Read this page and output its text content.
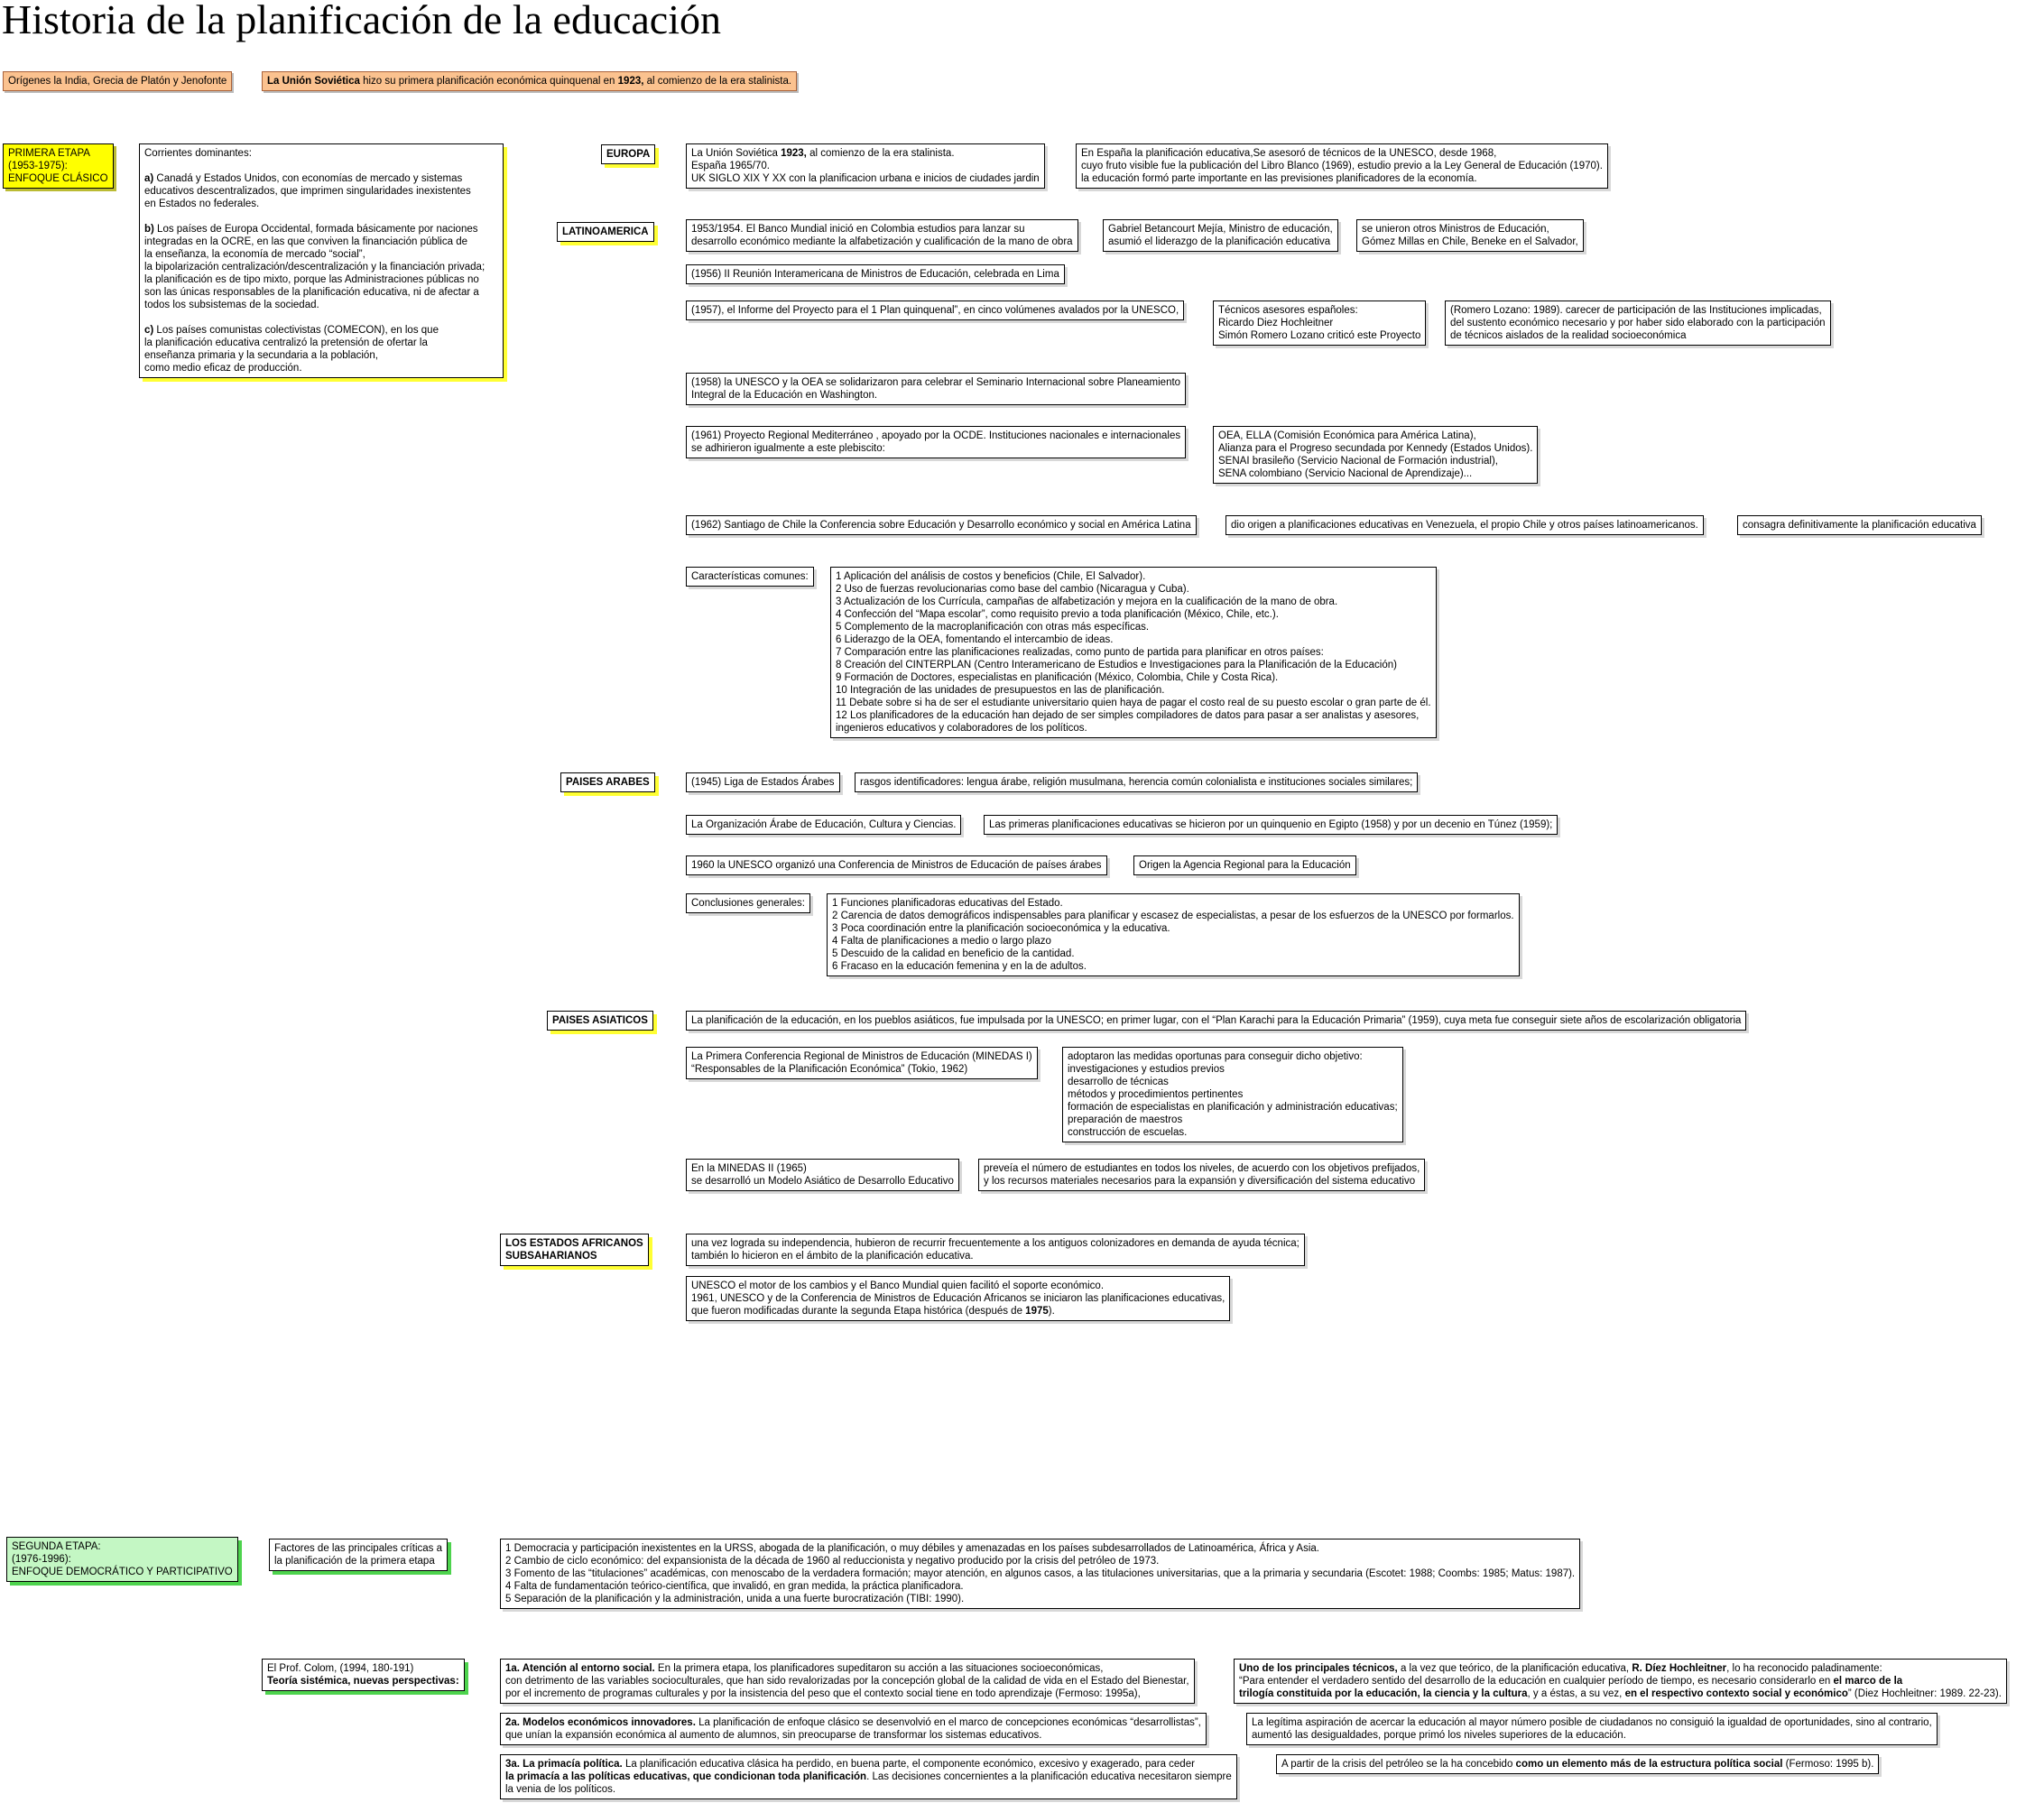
Historia de la planificación de la educación
Orígenes la India, Grecia de Platón y Jenofonte	La Unión Soviética hizo su primera planificación económica quinquenal en 1923, al comienzo de la era stalinista.
PRIMERA ETAPA
(1953-1975):
ENFOQUE CLÁSICO
Corrientes dominantes:
a) Canadá y Estados Unidos, con economías de mercado y sistemas
educativos descentralizados, que imprimen singularidades inexistentes
en Estados no federales.
b) Los países de Europa Occidental, formada básicamente por naciones
integradas en la OCRE, en las que conviven la financiación pública de
la enseñanza, la economía de mercado “social”,
la bipolarización centralización/descentralización y la financiación privada;
la planificación es de tipo mixto, porque las Administraciones públicas no
son las únicas responsables de la planificación educativa, ni de afectar a
todos los subsistemas de la sociedad.
c) Los países comunistas colectivistas (COMECON), en los que
la planificación educativa centralizó la pretensión de ofertar la
enseñanza primaria y la secundaria a la población,
como medio eficaz de producción.
EUROPA	La Unión Soviética 1923, al comienzo de la era stalinista.
España 1965/70.
UK SIGLO XIX Y XX con la planificacion urbana e inicios de ciudades jardin
En España la planificación educativa,Se asesoró de técnicos de la UNESCO, desde 1968,
cuyo fruto visible fue la publicación del Libro Blanco (1969), estudio previo a la Ley General de Educación (1970).
la educación formó parte importante en las previsiones planificadores de la economía.
LATINOAMERICA	1953/1954. El Banco Mundial inició en Colombia estudios para lanzar su
desarrollo económico mediante la alfabetización y cualificación de la mano de obra
Gabriel Betancourt Mejía, Ministro de educación,
asumió el liderazgo de la planificación educativa
se unieron otros Ministros de Educación,
Gómez Millas en Chile, Beneke en el Salvador,
(1956) II Reunión Interamericana de Ministros de Educación, celebrada en Lima
(1957), el Informe del Proyecto para el 1 Plan quinquenal”, en cinco volúmenes avalados por la UNESCO,	Técnicos asesores españoles:
Ricardo Diez Hochleitner
Simón Romero Lozano criticó este Proyecto
(Romero Lozano: 1989). carecer de participación de las Instituciones implicadas,
del sustento económico necesario y por haber sido elaborado con la participación
de técnicos aislados de la realidad socioeconómica
(1958) la UNESCO y la OEA se solidarizaron para celebrar el Seminario Internacional sobre Planeamiento
Integral de la Educación en Washington.
(1961) Proyecto Regional Mediterráneo , apoyado por la OCDE. Instituciones nacionales e internacionales
se adhirieron igualmente a este plebiscito:
OEA, ELLA (Comisión Económica para América Latina),
Alianza para el Progreso secundada por Kennedy (Estados Unidos).
SENAI brasileño (Servicio Nacional de Formación industrial),
SENA colombiano (Servicio Nacional de Aprendizaje)...
(1962) Santiago de Chile la Conferencia sobre Educación y Desarrollo económico y social en América Latina	dio origen a planificaciones educativas en Venezuela, el propio Chile y otros países latinoamericanos.	consagra definitivamente la planificación educativa
Características comunes:	1 Aplicación del análisis de costos y beneficios (Chile, El Salvador).
2 Uso de fuerzas revolucionarias como base del cambio (Nicaragua y Cuba).
3 Actualización de los Currícula, campañas de alfabetización y mejora en la cualificación de la mano de obra.
4 Confección del “Mapa escolar”, como requisito previo a toda planificación (México, Chile, etc.).
5 Complemento de la macroplanificación con otras más específicas.
6 Liderazgo de la OEA, fomentando el intercambio de ideas.
7 Comparación entre las planificaciones realizadas, como punto de partida para planificar en otros países:
8 Creación del CINTERPLAN (Centro Interamericano de Estudios e Investigaciones para la Planificación de la Educación)
9 Formación de Doctores, especialistas en planificación (México, Colombia, Chile y Costa Rica).
10 Integración de las unidades de presupuestos en las de planificación.
11 Debate sobre si ha de ser el estudiante universitario quien haya de pagar el costo real de su puesto escolar o gran parte de él.
12 Los planificadores de la educación han dejado de ser simples compiladores de datos para pasar a ser analistas y asesores,
ingenieros educativos y colaboradores de los políticos.
PAISES ARABES	(1945) Liga de Estados Árabes rasgos identificadores: lengua árabe, religión musulmana, herencia común colonialista e instituciones sociales similares;
La Organización Árabe de Educación, Cultura y Ciencias.	Las primeras planificaciones educativas se hicieron por un quinquenio en Egipto (1958) y por un decenio en Túnez (1959);
1960 la UNESCO organizó una Conferencia de Ministros de Educación de países árabes	Origen la Agencia Regional para la Educación
Conclusiones generales:	1 Funciones planificadoras educativas del Estado.
2 Carencia de datos demográficos indispensables para planificar y escasez de especialistas, a pesar de los esfuerzos de la UNESCO por formarlos.
3 Poca coordinación entre la planificación socioeconómica y la educativa.
4 Falta de planificaciones a medio o largo plazo
5 Descuido de la calidad en beneficio de la cantidad.
6 Fracaso en la educación femenina y en la de adultos.
PAISES ASIATICOS	La planificación de la educación, en los pueblos asiáticos, fue impulsada por la UNESCO; en primer lugar, con el “Plan Karachi para la Educación Primaria” (1959), cuya meta fue conseguir siete años de escolarización obligatoria
La Primera Conferencia Regional de Ministros de Educación (MINEDAS I)
“Responsables de la Planificación Económica” (Tokio, 1962)
adoptaron las medidas oportunas para conseguir dicho objetivo:
investigaciones y estudios previos
desarrollo de técnicas
métodos y procedimientos pertinentes
formación de especialistas en planificación y administración educativas;
preparación de maestros
construcción de escuelas.
En la MINEDAS II (1965)
se desarrolló un Modelo Asiático de Desarrollo Educativo
preveía el número de estudiantes en todos los niveles, de acuerdo con los objetivos prefijados,
y los recursos materiales necesarios para la expansión y diversificación del sistema educativo
LOS ESTADOS AFRICANOS
SUBSAHARIANOS
una vez lograda su independencia, hubieron de recurrir frecuentemente a los antiguos colonizadores en demanda de ayuda técnica;
también lo hicieron en el ámbito de la planificación educativa.
UNESCO el motor de los cambios y el Banco Mundial quien facilitó el soporte económico.
1961, UNESCO y de la Conferencia de Ministros de Educación Africanos se iniciaron las planificaciones educativas,
que fueron modificadas durante la segunda Etapa histórica (después de 1975).
SEGUNDA ETAPA:
(1976-1996):
ENFOQUE DEMOCRÁTICO Y PARTICIPATIVO
Factores de las principales críticas a
la planificación de la primera etapa
1 Democracia y participación inexistentes en la URSS, abogada de la planificación, o muy débiles y amenazadas en los países subdesarrollados de Latinoamérica, África y Asia.
2 Cambio de ciclo económico: del expansionista de la década de 1960 al reduccionista y negativo producido por la crisis del petróleo de 1973.
3 Fomento de las “titulaciones” académicas, con menoscabo de la verdadera formación; mayor atención, en algunos casos, a las titulaciones universitarias, que a la primaria y secundaria (Escotet: 1988; Coombs: 1985; Matus: 1987).
4 Falta de fundamentación teórico-científica, que invalidó, en gran medida, la práctica planificadora.
5 Separación de la planificación y la administración, unida a una fuerte burocratización (TIBI: 1990).
El Prof. Colom, (1994, 180-191)
Teoría sistémica, nuevas perspectivas:
1a. Atención al entorno social. En la primera etapa, los planificadores supeditaron su acción a las situaciones socioeconómicas,
con detrimento de las variables socioculturales, que han sido revalorizadas por la concepción global de la calidad de vida en el Estado del Bienestar,
por el incremento de programas culturales y por la insistencia del peso que el contexto social tiene en todo aprendizaje (Fermoso: 1995a),
Uno de los principales técnicos, a la vez que teórico, de la planificación educativa, R. Díez Hochleitner, lo ha reconocido paladinamente:
“Para entender el verdadero sentido del desarrollo de la educación en cualquier período de tiempo, es necesario considerarlo en el marco de la
trilogía constituida por la educación, la ciencia y la cultura, y a éstas, a su vez, en el respectivo contexto social y económico” (Diez Hochleitner: 1989. 22-23).
2a. Modelos económicos innovadores. La planificación de enfoque clásico se desenvolvió en el marco de concepciones económicas “desarrollistas”,
que unían la expansión económica al aumento de alumnos, sin preocuparse de transformar los sistemas educativos.
La legítima aspiración de acercar la educación al mayor número posible de ciudadanos no consiguió la igualdad de oportunidades, sino al contrario,
aumentó las desigualdades, porque primó los niveles superiores de la educación.
3a. La primacía política. La planificación educativa clásica ha perdido, en buena parte, el componente económico, excesivo y exagerado, para ceder
la primacía a las políticas educativas, que condicionan toda planificación. Las decisiones concernientes a la planificación educativa necesitaron siempre
la venia de los políticos.
A partir de la crisis del petróleo se la ha concebido como un elemento más de la estructura política social (Fermoso: 1995 b).
